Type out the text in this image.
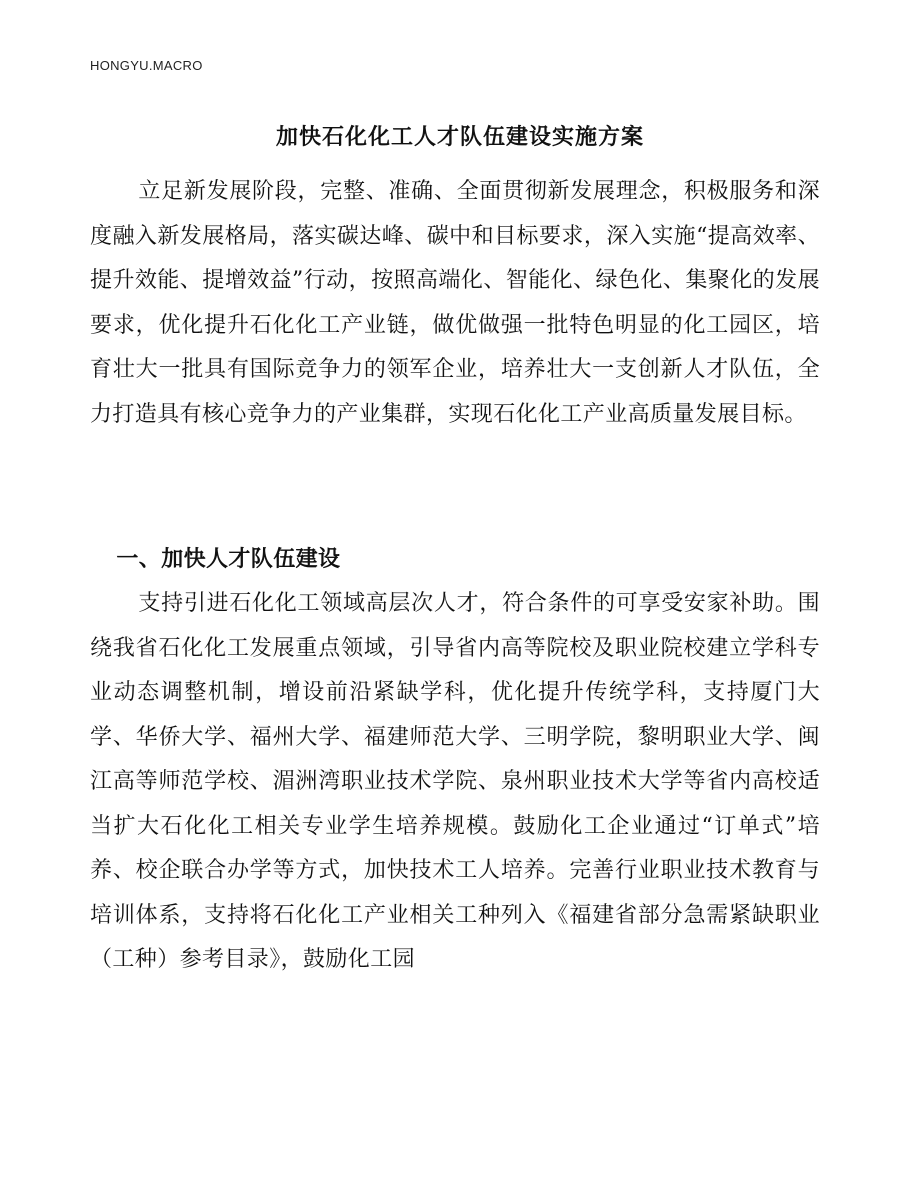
HONGYU.MACRO
加快石化化工人才队伍建设实施方案

立足新发展阶段，完整、准确、全面贯彻新发展理念，积极服务和深度融入新发展格局，落实碳达峰、碳中和目标要求，深入实施“提高效率、提升效能、提增效益”行动，按照高端化、智能化、绿色化、集聚化的发展要求，优化提升石化化工产业链，做优做强一批特色明显的化工园区，培育壮大一批具有国际竞争力的领军企业，培养壮大一支创新人才队伍，全力打造具有核心竞争力的产业集群，实现石化化工产业高质量发展目标。

一、加快人才队伍建设

支持引进石化化工领域高层次人才，符合条件的可享受安家补助。围绕我省石化化工发展重点领域，引导省内高等院校及职业院校建立学科专业动态调整机制，增设前沿紧缺学科，优化提升传统学科，支持厦门大学、华侨大学、福州大学、福建师范大学、三明学院，黎明职业大学、闽江高等师范学校、湄洲湾职业技术学院、泉州职业技术大学等省内高校适当扩大石化化工相关专业学生培养规模。鼓励化工企业通过“订单式”培养、校企联合办学等方式，加快技术工人培养。完善行业职业技术教育与培训体系，支持将石化化工产业相关工种列入《福建省部分急需紧缺职业（工种）参考目录》，鼓励化工园
